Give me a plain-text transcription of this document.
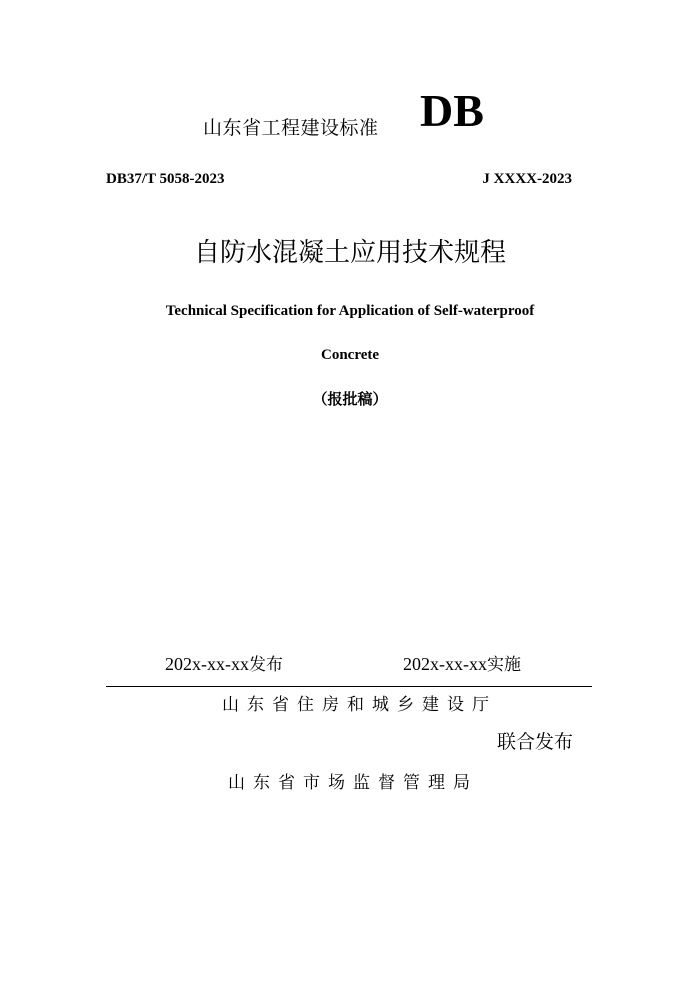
山东省工程建设标准 DB
DB37/T 5058-2023	J XXXX-2023
自防水混凝土应用技术规程
Technical Specification for Application of Self-waterproof
Concrete
（报批稿）
202x-xx-xx发布	202x-xx-xx实施
山东省住房和城乡建设厅
联合发布
山东省市场监督管理局
